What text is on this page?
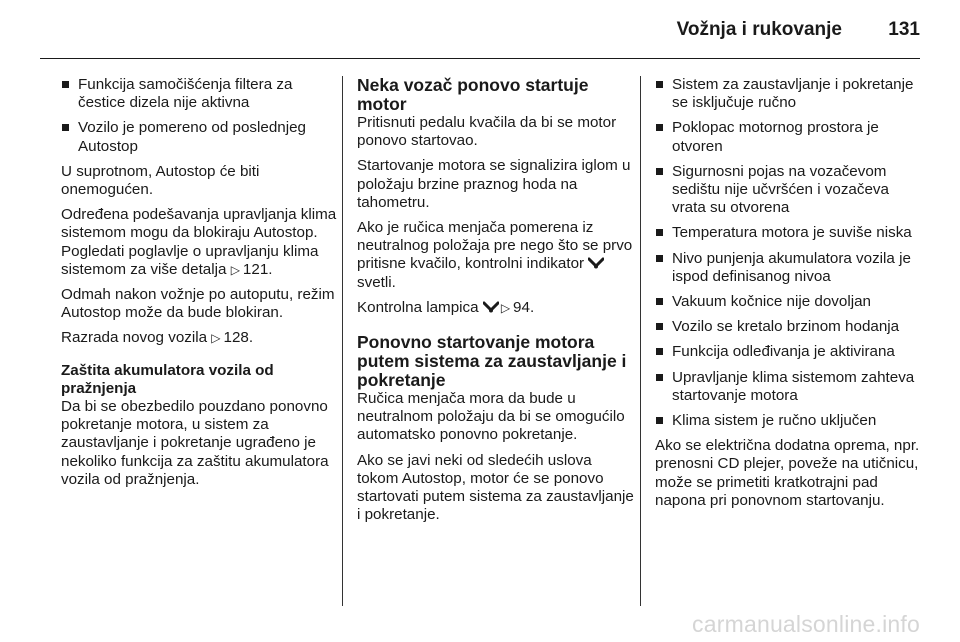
Vožnja i rukovanje 131
Funkcija samočišćenja filtera za čestice dizela nije aktivna
Vozilo je pomereno od poslednjeg Autostop

U suprotnom, Autostop će biti onemogućen.

Određena podešavanja upravljanja klima sistemom mogu da blokiraju Autostop. Pogledati poglavlje o upravljanju klima sistemom za više detalja ▷ 121.

Odmah nakon vožnje po autoputu, režim Autostop može da bude blokiran.

Razrada novog vozila ▷ 128.

Zaštita akumulatora vozila od pražnjenja

Da bi se obezbedilo pouzdano ponovno pokretanje motora, u sistem za zaustavljanje i pokretanje ugrađeno je nekoliko funkcija za zaštitu akumulatora vozila od pražnjenja.

Neka vozač ponovo startuje motor

Pritisnuti pedalu kvačila da bi se motor ponovo startovao.

Startovanje motora se signalizira iglom u položaju brzine praznog hoda na tahometru.

Ako je ručica menjača pomerena iz neutralnog položaja pre nego što se prvo pritisne kvačilo, kontrolni indikator svetli.

Kontrolna lampica ▷ 94.

Ponovno startovanje motora putem sistema za zaustavljanje i pokretanje

Ručica menjača mora da bude u neutralnom položaju da bi se omogućilo automatsko ponovno pokretanje.

Ako se javi neki od sledećih uslova tokom Autostop, motor će se ponovo startovati putem sistema za zaustavljanje i pokretanje.

Sistem za zaustavljanje i pokretanje se isključuje ručno
Poklopac motornog prostora je otvoren
Sigurnosni pojas na vozačevom sedištu nije učvršćen i vozačeva vrata su otvorena
Temperatura motora je suviše niska
Nivo punjenja akumulatora vozila je ispod definisanog nivoa
Vakuum kočnice nije dovoljan
Vozilo se kretalo brzinom hodanja
Funkcija odleđivanja je aktivirana
Upravljanje klima sistemom zahteva startovanje motora
Klima sistem je ručno uključen

Ako se električna dodatna oprema, npr. prenosni CD plejer, poveže na utičnicu, može se primetiti kratkotrajni pad napona pri ponovnom startovanju.

carmanualsonline.info
